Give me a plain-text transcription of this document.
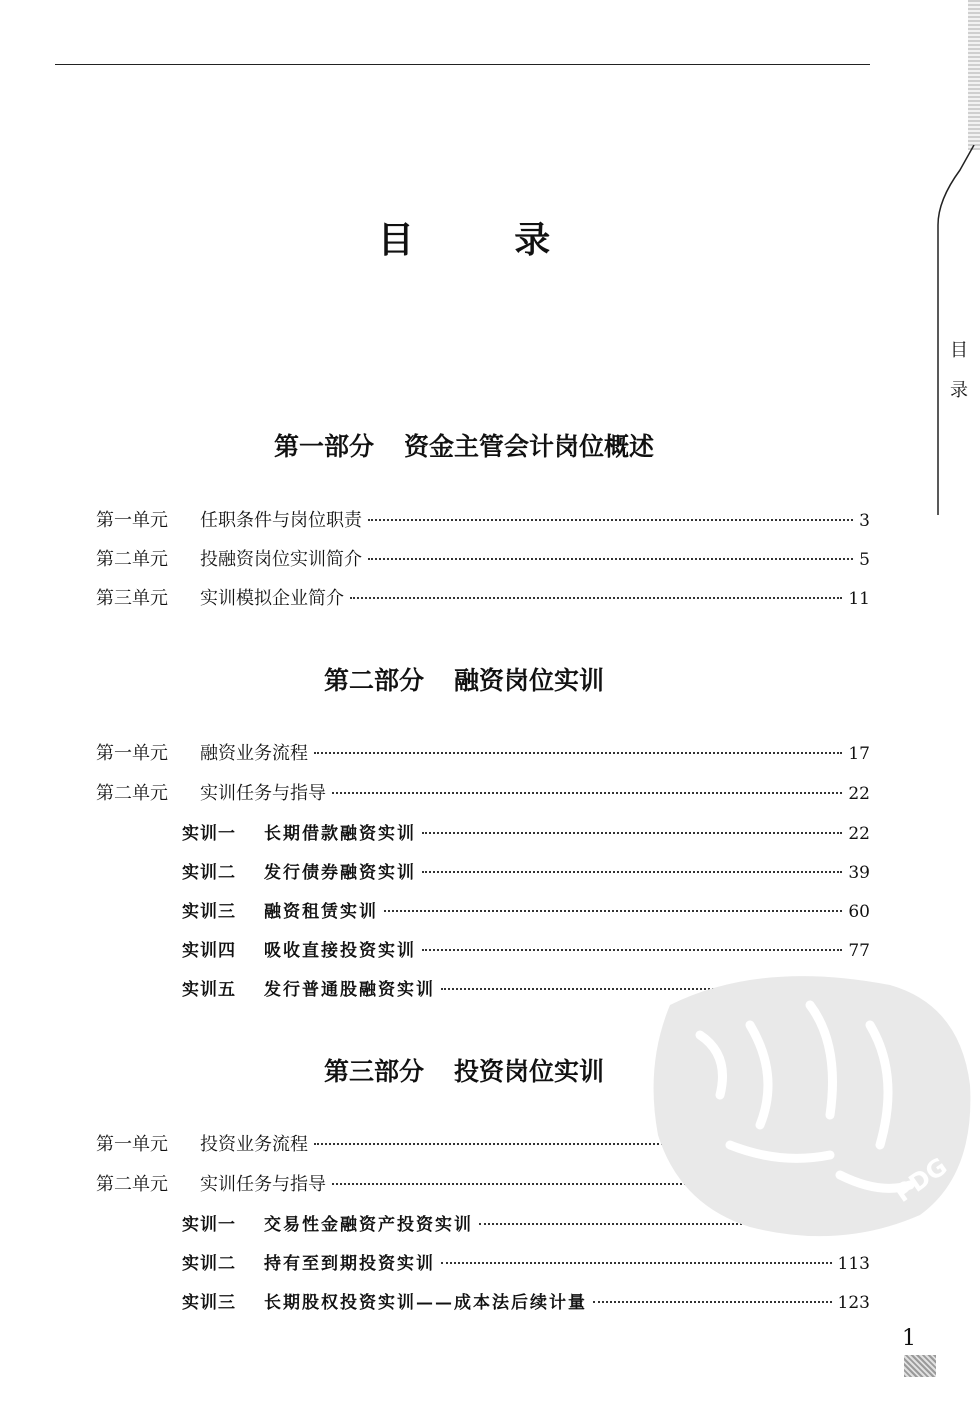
目
录
目 录
第一部分 资金主管会计岗位概述
第一单元	任职条件与岗位职责	3
第二单元	投融资岗位实训简介	5
第三单元	实训模拟企业简介	11
第二部分 融资岗位实训
第一单元	融资业务流程	17
第二单元	实训任务与指导	22
实训一	长期借款融资实训	22
实训二	发行债券融资实训	39
实训三	融资租赁实训	60
实训四	吸收直接投资实训	77
实训五	发行普通股融资实训
第三部分 投资岗位实训
第一单元	投资业务流程
第二单元	实训任务与指导
实训一	交易性金融资产投资实训
实训二	持有至到期投资实训	113
实训三	长期股权投资实训——成本法后续计量	123
PDG
1
